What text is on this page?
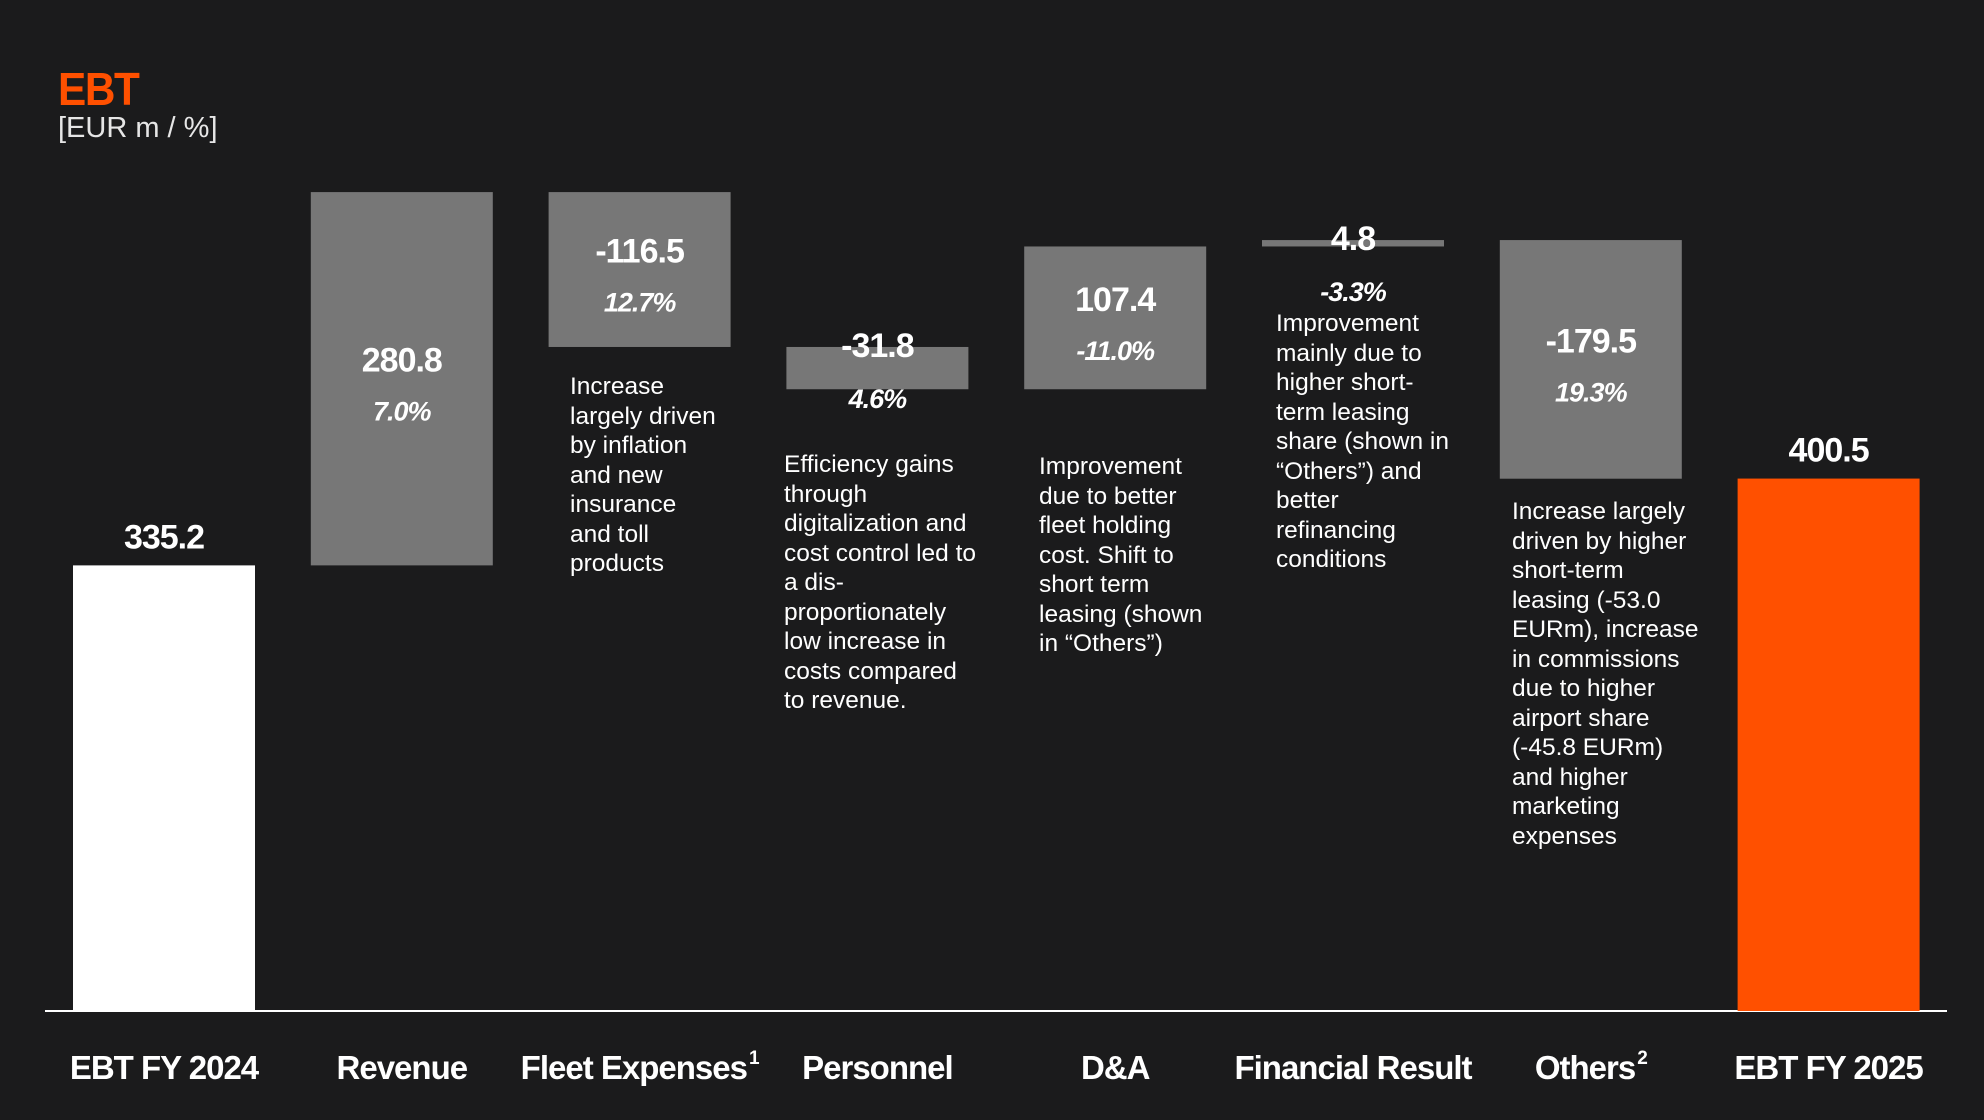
EBT
[EUR m / %]
335.2
EBT FY 2024
280.8
7.0%
Revenue
-116.5
12.7%
Fleet Expenses $^1$
-31.8
4.6%
Personnel
107.4
-11.0%
D&A
4.8
-3.3%
Financial Result
-179.5
19.3%
Others $^2$
400.5
EBT FY 2025
Increase largely driven by inflation and new insurance and toll products
Efficiency gains through digitalization and cost control led to a dis-proportionately low increase in costs compared to revenue.
Improvement due to better fleet holding cost. Shift to short term leasing (shown in “Others”)
Improvement mainly due to higher short-term leasing share (shown in “Others”) and better refinancing conditions
Increase largely driven by higher short-term leasing (-53.0 EURm), increase in commissions due to higher airport share (-45.8 EURm) and higher marketing expenses
